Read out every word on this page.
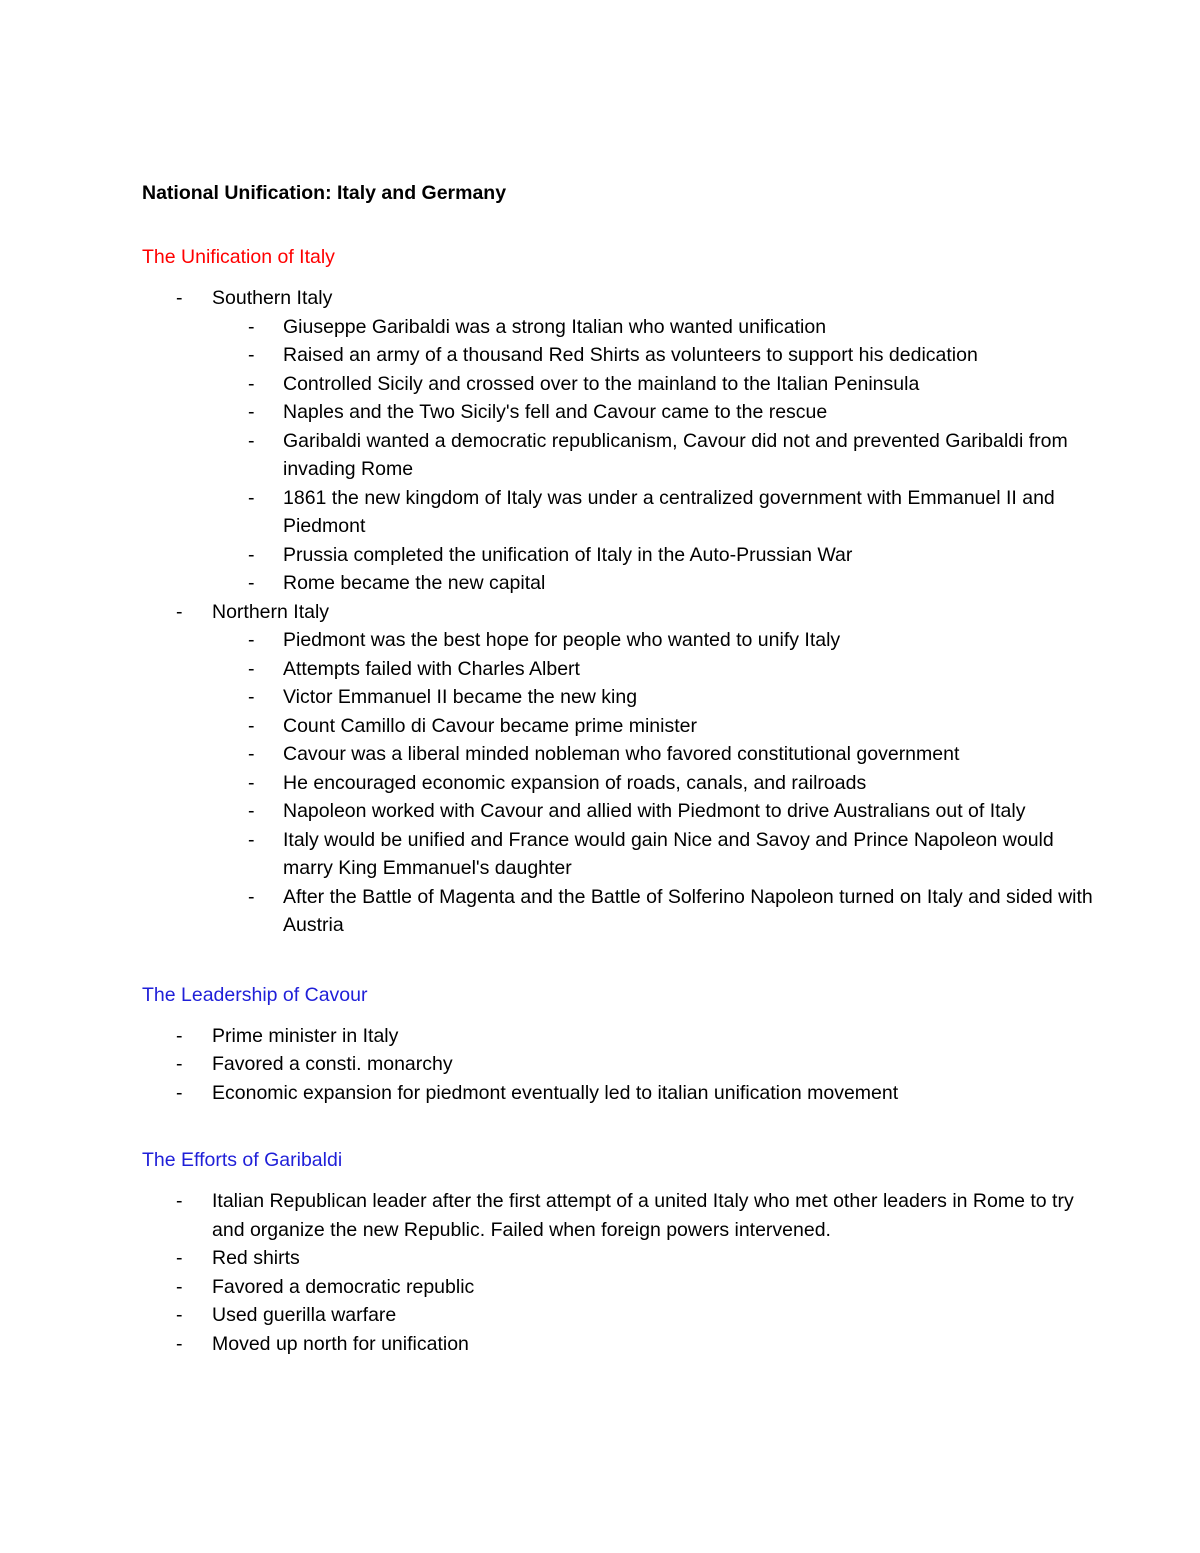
National Unification: Italy and Germany
The Unification of Italy
- Southern Italy
- Giuseppe Garibaldi was a strong Italian who wanted unification
- Raised an army of a thousand Red Shirts as volunteers to support his dedication
- Controlled Sicily and crossed over to the mainland to the Italian Peninsula
- Naples and the Two Sicily's fell and Cavour came to the rescue
- Garibaldi wanted a democratic republicanism, Cavour did not and prevented Garibaldi from invading Rome
- 1861 the new kingdom of Italy was under a centralized government with Emmanuel II and Piedmont
- Prussia completed the unification of Italy in the Auto-Prussian War
- Rome became the new capital
- Northern Italy
- Piedmont was the best hope for people who wanted to unify Italy
- Attempts failed with Charles Albert
- Victor Emmanuel II became the new king
- Count Camillo di Cavour became prime minister
- Cavour was a liberal minded nobleman who favored constitutional government
- He encouraged economic expansion of roads, canals, and railroads
- Napoleon worked with Cavour and allied with Piedmont to drive Australians out of Italy
- Italy would be unified and France would gain Nice and Savoy and Prince Napoleon would marry King Emmanuel's daughter
- After the Battle of Magenta and the Battle of Solferino Napoleon turned on Italy and sided with Austria
The Leadership of Cavour
- Prime minister in Italy
- Favored a consti. monarchy
- Economic expansion for piedmont eventually led to italian unification movement
The Efforts of Garibaldi
- Italian Republican leader after the first attempt of a united Italy who met other leaders in Rome to try and organize the new Republic. Failed when foreign powers intervened.
- Red shirts
- Favored a democratic republic
- Used guerilla warfare
- Moved up north for unification
